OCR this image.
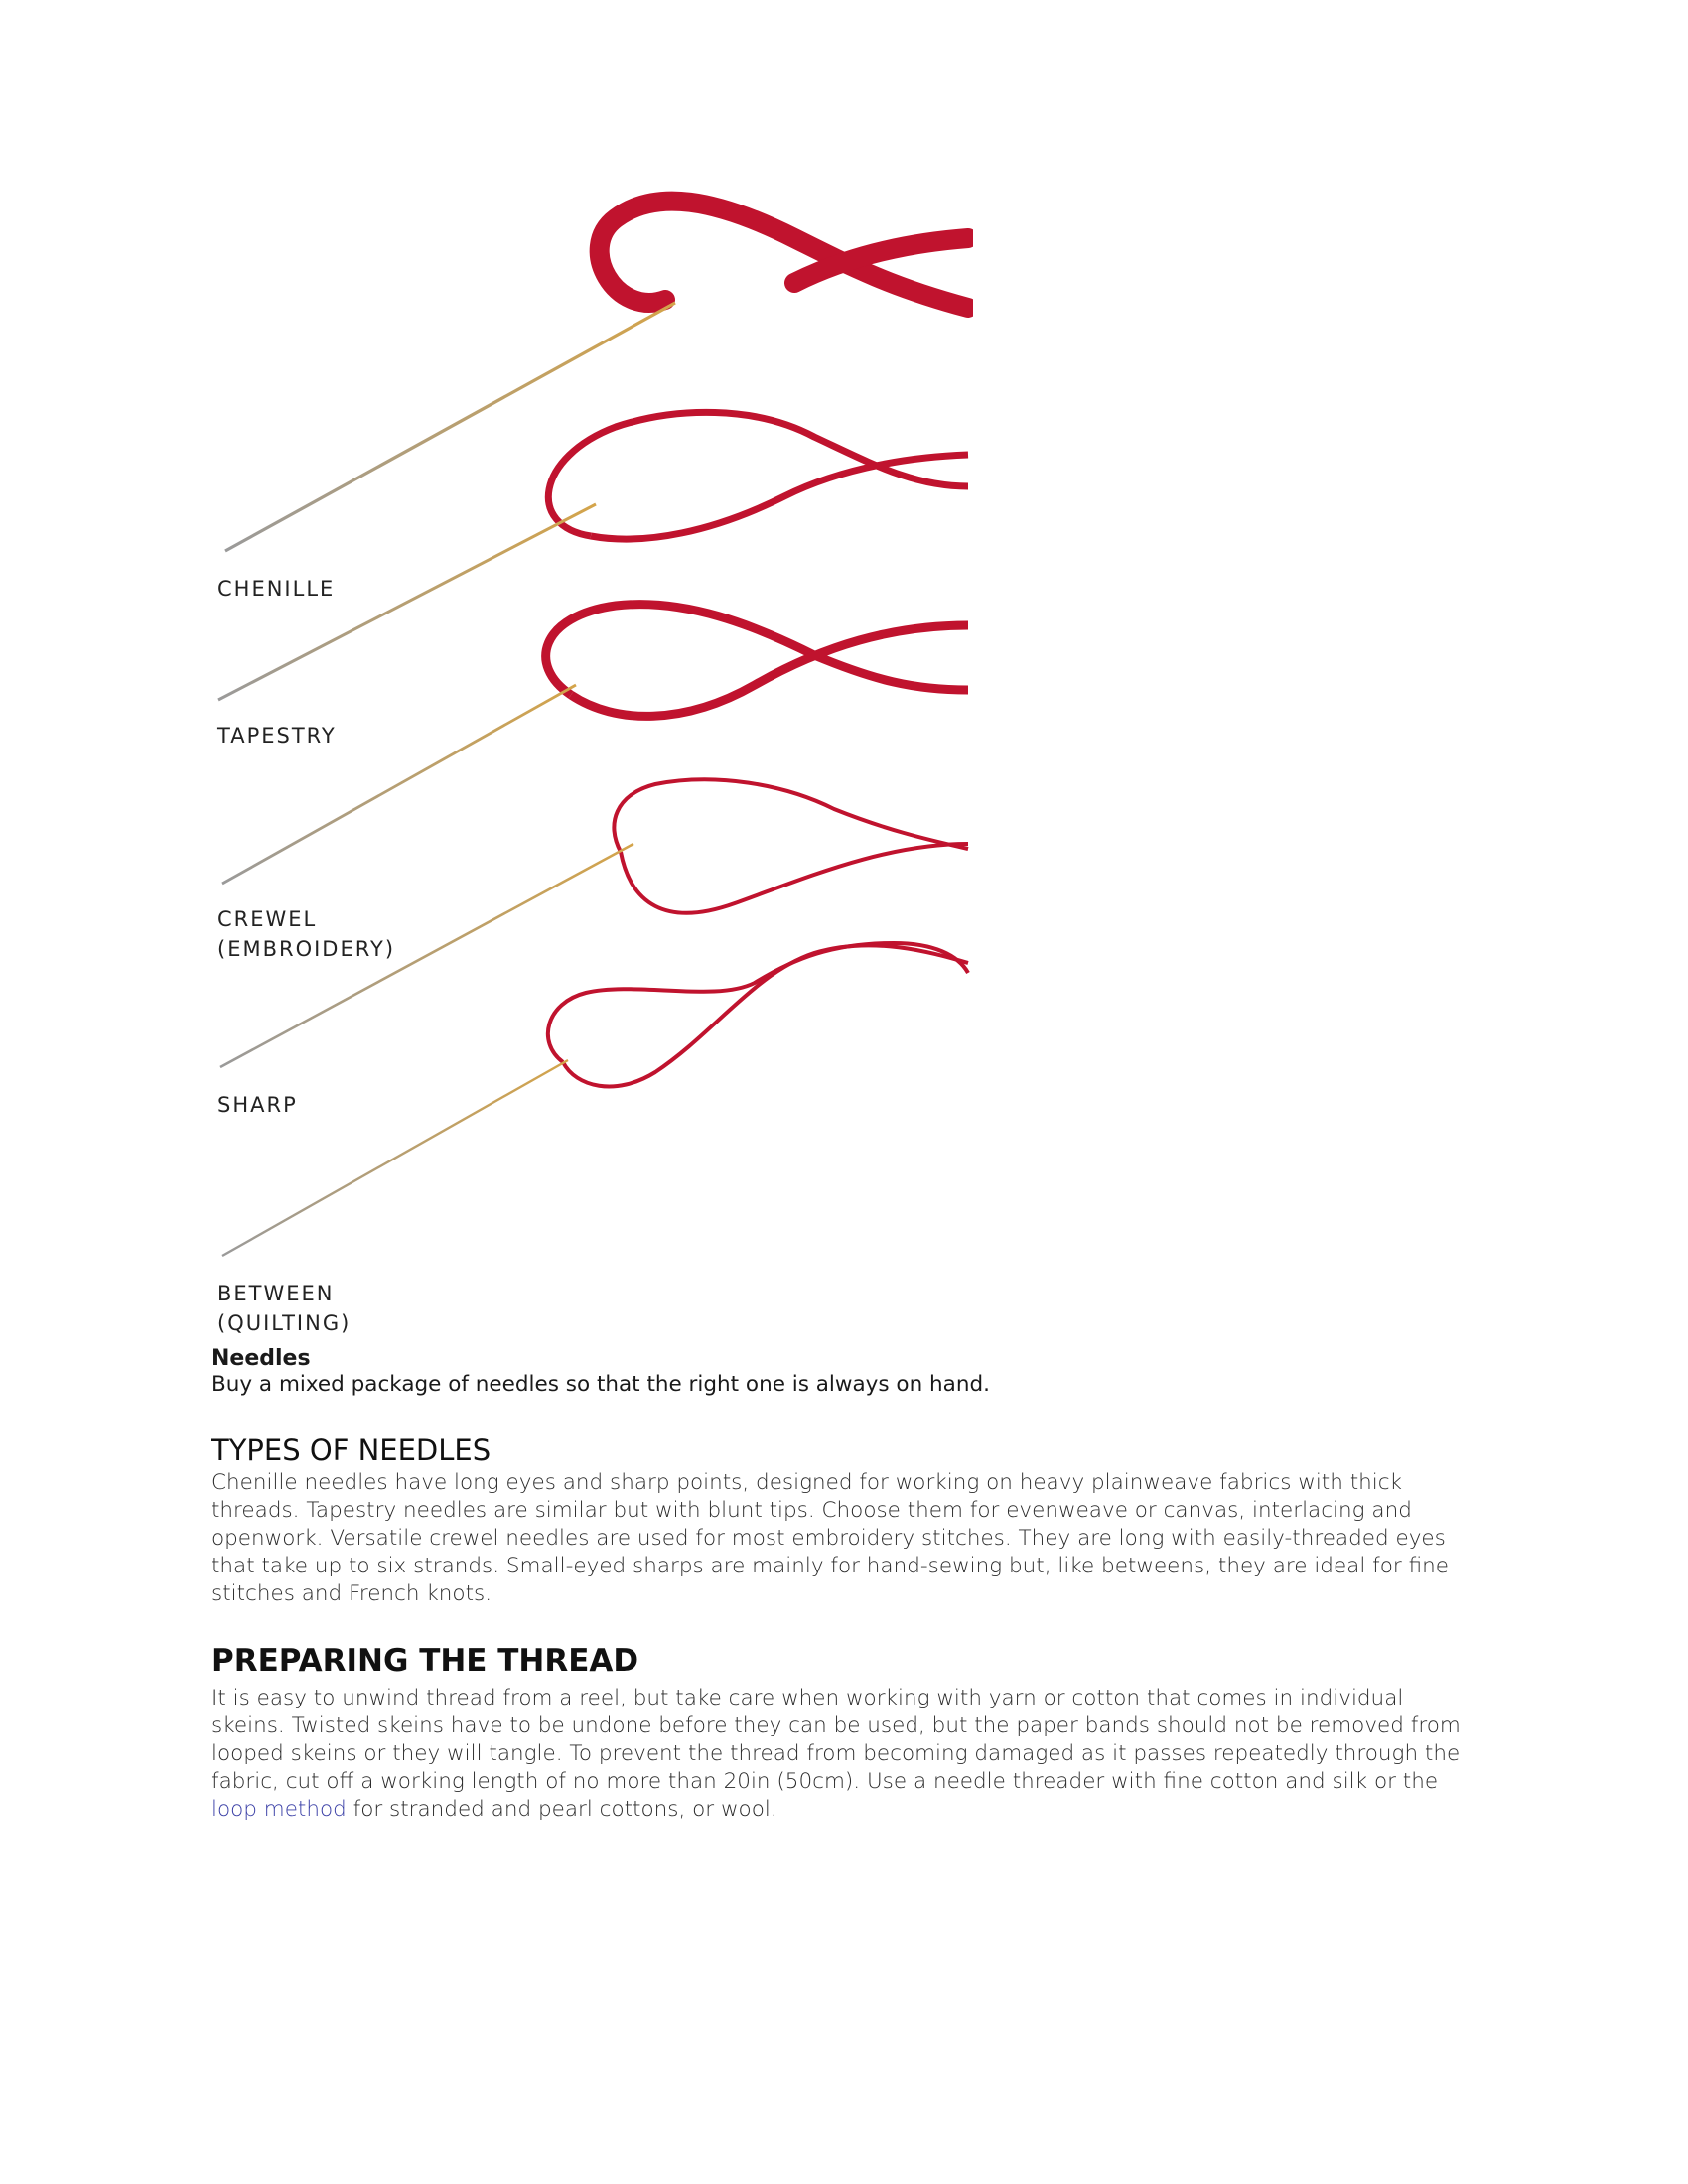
CHENILLE
TAPESTRY
CREWEL
(EMBROIDERY)
SHARP
BETWEEN
(QUILTING)
Needles
Buy a mixed package of needles so that the right one is always on hand.
TYPES OF NEEDLES

Chenille needles have long eyes and sharp points, designed for working on heavy plainweave fabrics with thick threads. Tapestry needles are similar but with blunt tips. Choose them for evenweave or canvas, interlacing and openwork. Versatile crewel needles are used for most embroidery stitches. They are long with easily-threaded eyes that take up to six strands. Small-eyed sharps are mainly for hand-sewing but, like betweens, they are ideal for fine stitches and French knots.

PREPARING THE THREAD

It is easy to unwind thread from a reel, but take care when working with yarn or cotton that comes in individual skeins. Twisted skeins have to be undone before they can be used, but the paper bands should not be removed from looped skeins or they will tangle. To prevent the thread from becoming damaged as it passes repeatedly through the fabric, cut off a working length of no more than 20in (50cm). Use a needle threader with fine cotton and silk or the loop method for stranded and pearl cottons, or wool.
